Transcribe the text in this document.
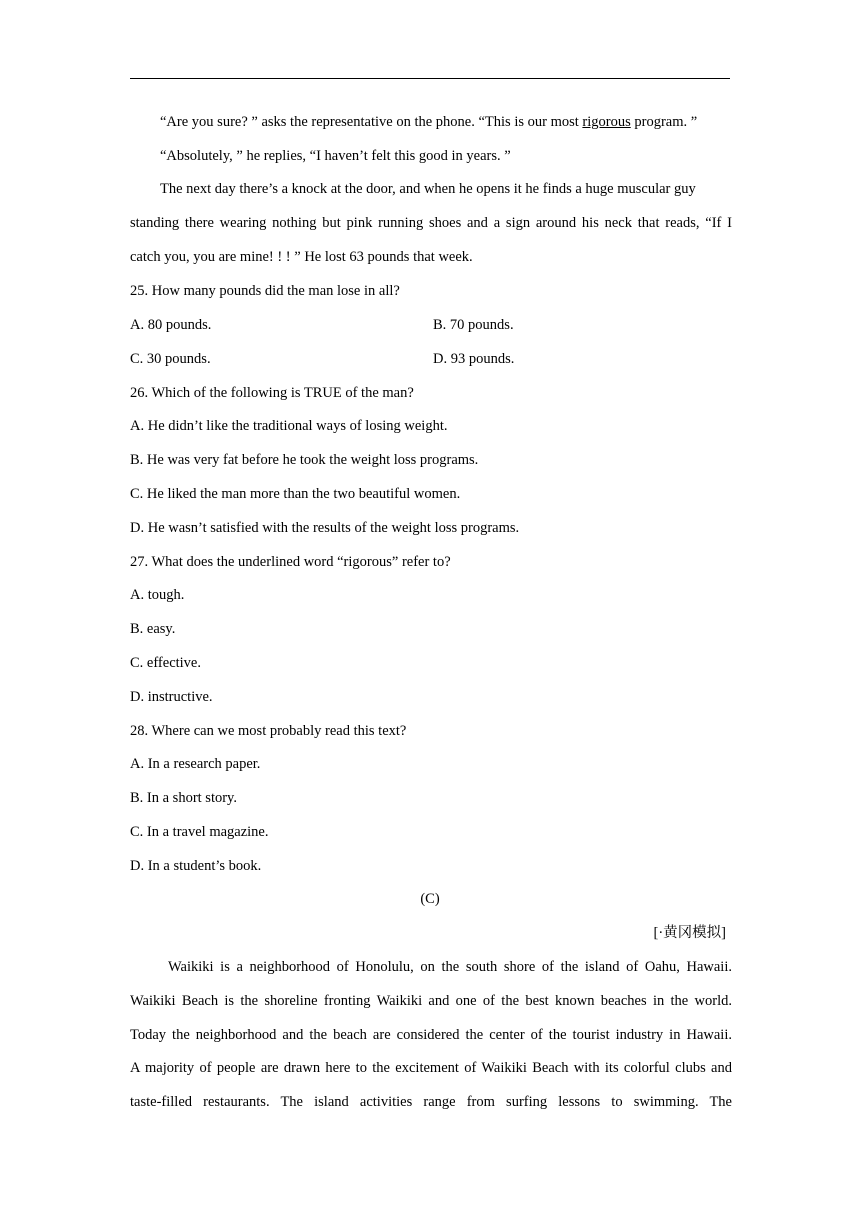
“Are you sure? ” asks the representative on the phone. “This is our most rigorous program. ”
“Absolutely, ” he replies, “I haven’t felt this good in years. ”
The next day there’s a knock at the door, and when he opens it he finds a huge muscular guy
standing there wearing nothing but pink running shoes and a sign around his neck that reads, “If I
catch you, you are mine! ! ! ” He lost 63 pounds that week.
25. How many pounds did the man lose in all?
A. 80 pounds.	B. 70 pounds.
C. 30 pounds.	D. 93 pounds.
26. Which of the following is TRUE of the man?
A. He didn’t like the traditional ways of losing weight.
B. He was very fat before he took the weight loss programs.
C. He liked the man more than the two beautiful women.
D. He wasn’t satisfied with the results of the weight loss programs.
27. What does the underlined word “rigorous” refer to?
A. tough.
B. easy.
C. effective.
D. instructive.
28. Where can we most probably read this text?
A. In a research paper.
B. In a short story.
C. In a travel magazine.
D. In a student’s book.
(C)
[·黄冈模拟]
Waikiki is a neighborhood of Honolulu, on the south shore of the island of Oahu, Hawaii.
Waikiki Beach is the shoreline fronting Waikiki and one of the best known beaches in the world.
Today the neighborhood and the beach are considered the center of the tourist industry in Hawaii.
A majority of people are drawn here to the excitement of Waikiki Beach with its colorful clubs and
taste-filled restaurants. The island activities range from surfing lessons to swimming. The
